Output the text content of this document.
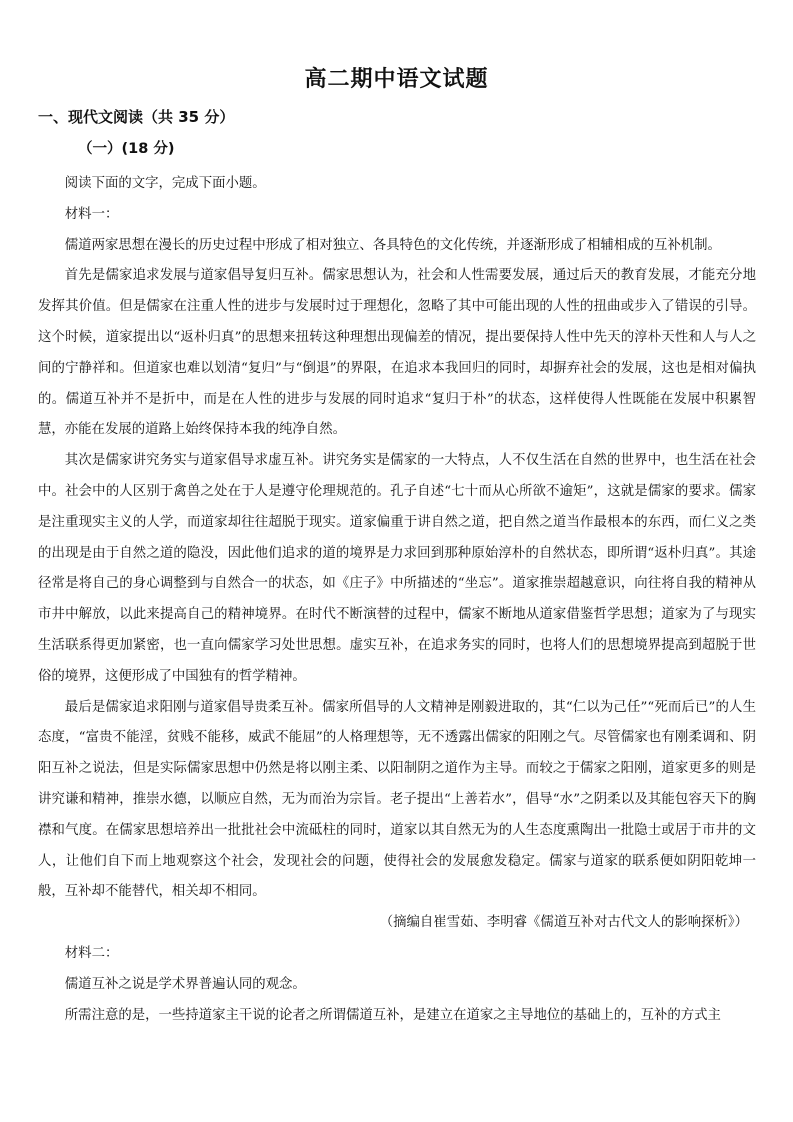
高二期中语文试题
一、现代文阅读（共 35 分）
（一）(18 分)

阅读下面的文字，完成下面小题。

材料一：

儒道两家思想在漫长的历史过程中形成了相对独立、各具特色的文化传统，并逐渐形成了相辅相成的互补机制。

首先是儒家追求发展与道家倡导复归互补。儒家思想认为，社会和人性需要发展，通过后天的教育发展，才能充分地发挥其价值。但是儒家在注重人性的进步与发展时过于理想化，忽略了其中可能出现的人性的扭曲或步入了错误的引导。这个时候，道家提出以“返朴归真”的思想来扭转这种理想出现偏差的情况，提出要保持人性中先天的淳朴天性和人与人之间的宁静祥和。但道家也难以划清“复归”与“倒退”的界限，在追求本我回归的同时，却摒弃社会的发展，这也是相对偏执的。儒道互补并不是折中，而是在人性的进步与发展的同时追求“复归于朴”的状态，这样使得人性既能在发展中积累智慧，亦能在发展的道路上始终保持本我的纯净自然。

其次是儒家讲究务实与道家倡导求虚互补。讲究务实是儒家的一大特点，人不仅生活在自然的世界中，也生活在社会中。社会中的人区别于禽兽之处在于人是遵守伦理规范的。孔子自述“七十而从心所欲不逾矩”，这就是儒家的要求。儒家是注重现实主义的人学，而道家却往往超脱于现实。道家偏重于讲自然之道，把自然之道当作最根本的东西，而仁义之类的出现是由于自然之道的隐没，因此他们追求的道的境界是力求回到那种原始淳朴的自然状态，即所谓“返朴归真”。其途径常是将自己的身心调整到与自然合一的状态，如《庄子》中所描述的“坐忘”。道家推崇超越意识，向往将自我的精神从市井中解放，以此来提高自己的精神境界。在时代不断演替的过程中，儒家不断地从道家借鉴哲学思想；道家为了与现实生活联系得更加紧密，也一直向儒家学习处世思想。虚实互补，在追求务实的同时，也将人们的思想境界提高到超脱于世俗的境界，这便形成了中国独有的哲学精神。

最后是儒家追求阳刚与道家倡导贵柔互补。儒家所倡导的人文精神是刚毅进取的，其“仁以为己任”“死而后已”的人生态度，“富贵不能淫，贫贱不能移，威武不能屈”的人格理想等，无不透露出儒家的阳刚之气。尽管儒家也有刚柔调和、阴阳互补之说法，但是实际儒家思想中仍然是将以刚主柔、以阳制阴之道作为主导。而较之于儒家之阳刚，道家更多的则是讲究谦和精神，推崇水德，以顺应自然，无为而治为宗旨。老子提出“上善若水”，倡导“水”之阴柔以及其能包容天下的胸襟和气度。在儒家思想培养出一批批社会中流砥柱的同时，道家以其自然无为的人生态度熏陶出一批隐士或居于市井的文人，让他们自下而上地观察这个社会，发现社会的问题，使得社会的发展愈发稳定。儒家与道家的联系便如阴阳乾坤一般，互补却不能替代，相关却不相同。

（摘编自崔雪茹、李明睿《儒道互补对古代文人的影响探析》）

材料二：

儒道互补之说是学术界普遍认同的观念。

所需注意的是，一些持道家主干说的论者之所谓儒道互补，是建立在道家之主导地位的基础上的，互补的方式主
